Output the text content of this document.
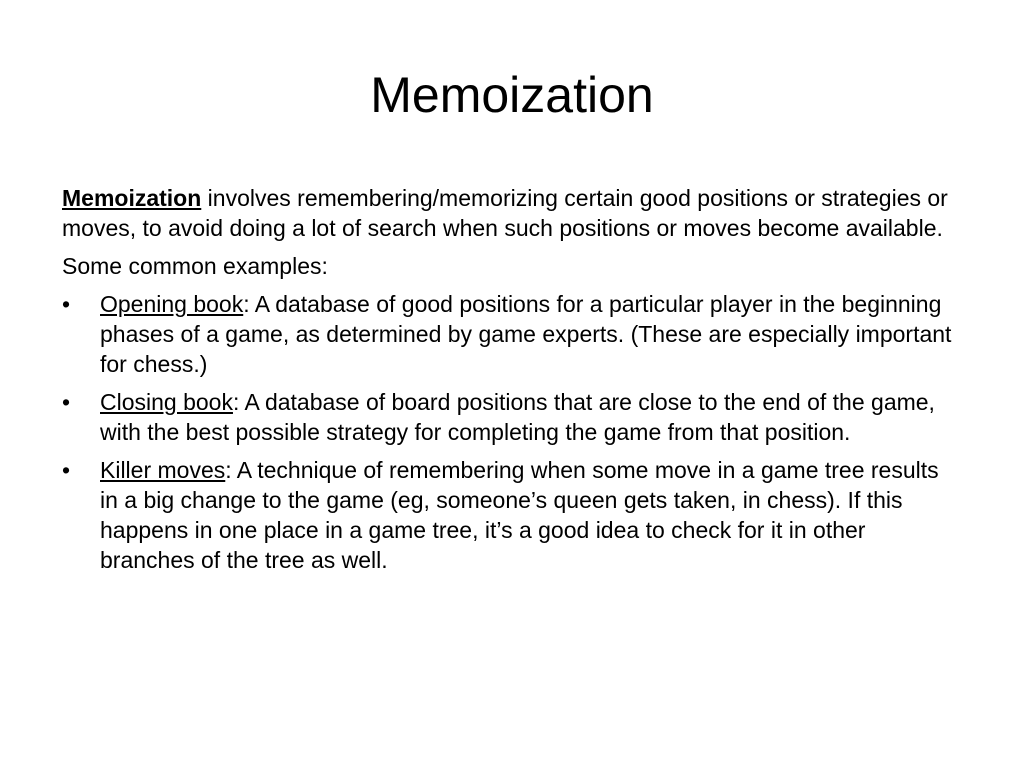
Memoization

Memoization involves remembering/memorizing certain good positions or strategies or moves, to avoid doing a lot of search when such positions or moves become available.

Some common examples:

•	Opening book: A database of good positions for a particular player in the beginning phases of a game, as determined by game experts. (These are especially important for chess.)
•	Closing book: A database of board positions that are close to the end of the game, with the best possible strategy for completing the game from that position.
•	Killer moves: A technique of remembering when some move in a game tree results in a big change to the game (eg, someone’s queen gets taken, in chess). If this happens in one place in a game tree, it’s a good idea to check for it in other branches of the tree as well.
